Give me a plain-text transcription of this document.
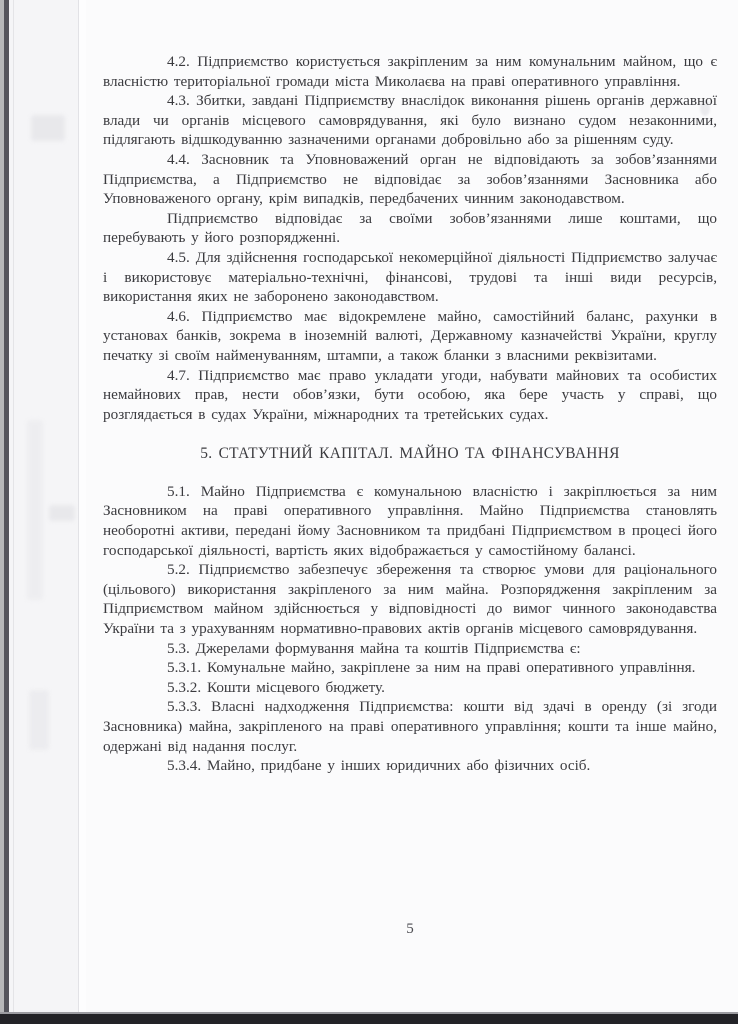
4.2. Підприємство користується закріпленим за ним комунальним майном, що є власністю територіальної громади міста Миколаєва на праві оперативного управління.

4.3. Збитки, завдані Підприємству внаслідок виконання рішень органів державної влади чи органів місцевого самоврядування, які було визнано судом незаконними, підлягають відшкодуванню зазначеними органами добровільно або за рішенням суду.

4.4. Засновник та Уповноважений орган не відповідають за зобов’язаннями Підприємства, а Підприємство не відповідає за зобов’язаннями Засновника або Уповноваженого органу, крім випадків, передбачених чинним законодавством.

Підприємство відповідає за своїми зобов’язаннями лише коштами, що перебувають у його розпорядженні.

4.5. Для здійснення господарської некомерційної діяльності Підприємство залучає і використовує матеріально-технічні, фінансові, трудові та інші види ресурсів, використання яких не заборонено законодавством.

4.6. Підприємство має відокремлене майно, самостійний баланс, рахунки в установах банків, зокрема в іноземній валюті, Державному казначействі України, круглу печатку зі своїм найменуванням, штампи, а також бланки з власними реквізитами.

4.7. Підприємство має право укладати угоди, набувати майнових та особистих немайнових прав, нести обов’язки, бути особою, яка бере участь у справі, що розглядається в судах України, міжнародних та третейських судах.

5. СТАТУТНИЙ КАПІТАЛ. МАЙНО ТА ФІНАНСУВАННЯ

5.1. Майно Підприємства є комунальною власністю і закріплюється за ним Засновником на праві оперативного управління. Майно Підприємства становлять необоротні активи, передані йому Засновником та придбані Підприємством в процесі його господарської діяльності, вартість яких відображається у самостійному балансі.

5.2. Підприємство забезпечує збереження та створює умови для раціонального (цільового) використання закріпленого за ним майна. Розпорядження закріпленим за Підприємством майном здійснюється у відповідності до вимог чинного законодавства України та з урахуванням нормативно-правових актів органів місцевого самоврядування.

5.3. Джерелами формування майна та коштів Підприємства є:

5.3.1. Комунальне майно, закріплене за ним на праві оперативного управління.

5.3.2. Кошти місцевого бюджету.

5.3.3. Власні надходження Підприємства: кошти від здачі в оренду (зі згоди Засновника) майна, закріпленого на праві оперативного управління; кошти та інше майно, одержані від надання послуг.

5.3.4. Майно, придбане у інших юридичних або фізичних осіб.

5
